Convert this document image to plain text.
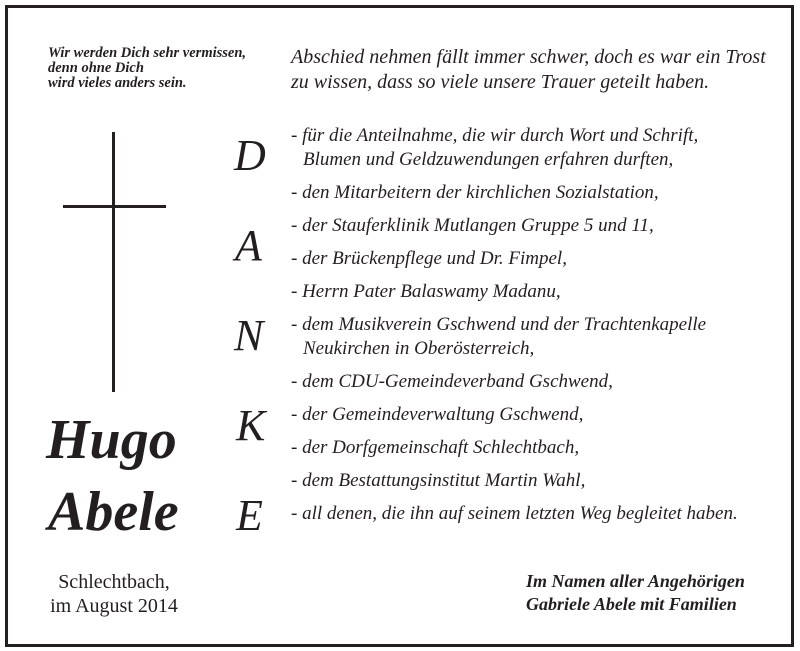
Wir werden Dich sehr vermissen,
denn ohne Dich
wird vieles anders sein.
Abschied nehmen fällt immer schwer, doch es war ein Trost
zu wissen, dass so viele unsere Trauer geteilt haben.
Hugo
Abele
D
A
N
K
E
- für die Anteilnahme, die wir durch Wort und Schrift,
Blumen und Geldzuwendungen erfahren durften,
- den Mitarbeitern der kirchlichen Sozialstation,
- der Stauferklinik Mutlangen Gruppe 5 und 11,
- der Brückenpflege und Dr. Fimpel,
- Herrn Pater Balaswamy Madanu,
- dem Musikverein Gschwend und der Trachtenkapelle
Neukirchen in Oberösterreich,
- dem CDU-Gemeindeverband Gschwend,
- der Gemeindeverwaltung Gschwend,
- der Dorfgemeinschaft Schlechtbach,
- dem Bestattungsinstitut Martin Wahl,
- all denen, die ihn auf seinem letzten Weg begleitet haben.
Schlechtbach,
im August 2014
Im Namen aller Angehörigen
Gabriele Abele mit Familien
